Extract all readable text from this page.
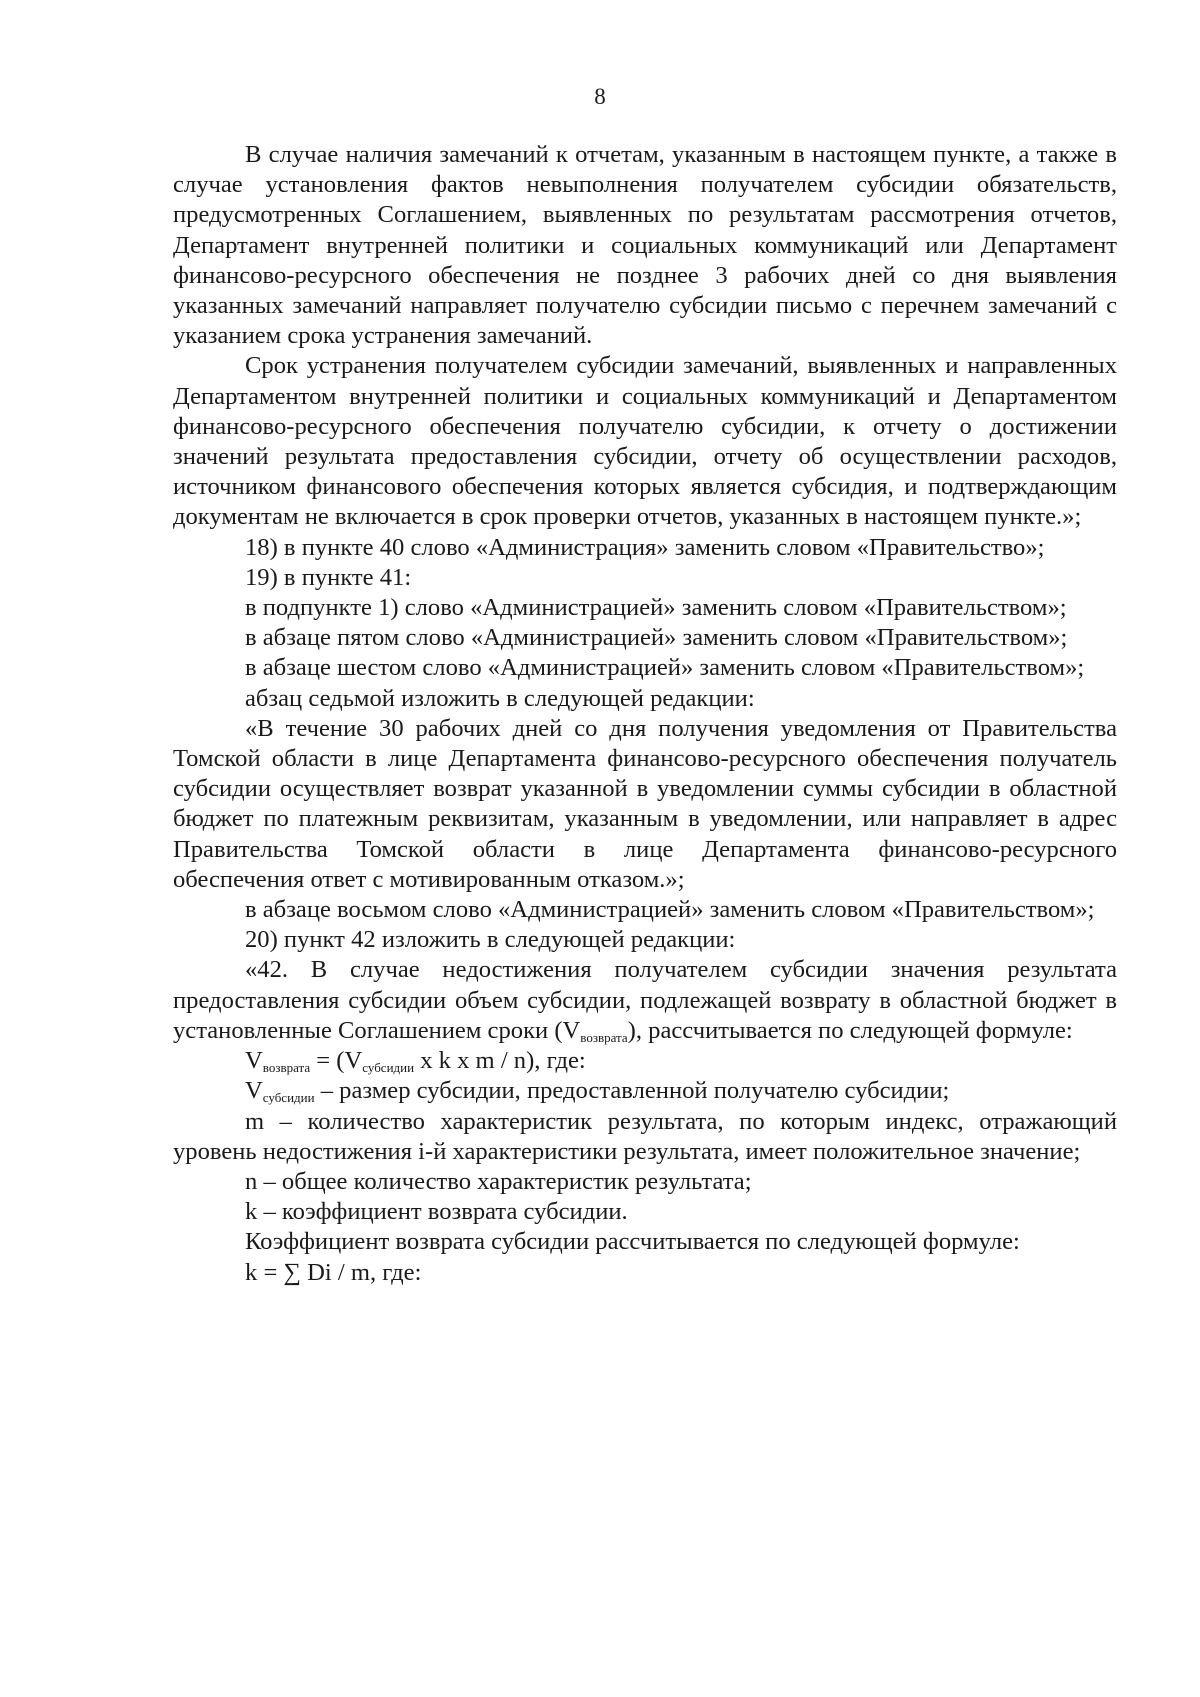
8

В случае наличия замечаний к отчетам, указанным в настоящем пункте, а также в случае установления фактов невыполнения получателем субсидии обязательств, предусмотренных Соглашением, выявленных по результатам рассмотрения отчетов, Департамент внутренней политики и социальных коммуникаций или Департамент финансово-ресурсного обеспечения не позднее 3 рабочих дней со дня выявления указанных замечаний направляет получателю субсидии письмо с перечнем замечаний с указанием срока устранения замечаний.

Срок устранения получателем субсидии замечаний, выявленных и направленных Департаментом внутренней политики и социальных коммуникаций и Департаментом финансово-ресурсного обеспечения получателю субсидии, к отчету о достижении значений результата предоставления субсидии, отчету об осуществлении расходов, источником финансового обеспечения которых является субсидия, и подтверждающим документам не включается в срок проверки отчетов, указанных в настоящем пункте.»;

18) в пункте 40 слово «Администрация» заменить словом «Правительство»;

19) в пункте 41:

в подпункте 1) слово «Администрацией» заменить словом «Правительством»;

в абзаце пятом слово «Администрацией» заменить словом «Правительством»;

в абзаце шестом слово «Администрацией» заменить словом «Правительством»;

абзац седьмой изложить в следующей редакции:

«В течение 30 рабочих дней со дня получения уведомления от Правительства Томской области в лице Департамента финансово-ресурсного обеспечения получатель субсидии осуществляет возврат указанной в уведомлении суммы субсидии в областной бюджет по платежным реквизитам, указанным в уведомлении, или направляет в адрес Правительства Томской области в лице Департамента финансово-ресурсного обеспечения ответ с мотивированным отказом.»;

в абзаце восьмом слово «Администрацией» заменить словом «Правительством»;

20) пункт 42 изложить в следующей редакции:

«42. В случае недостижения получателем субсидии значения результата предоставления субсидии объем субсидии, подлежащей возврату в областной бюджет в установленные Соглашением сроки $(V_{возврата})$, рассчитывается по следующей формуле:

$V_{возврата} = (V_{субсидии}$ x k x m / n), где:

$V_{субсидии}$ – размер субсидии, предоставленной получателю субсидии;

m – количество характеристик результата, по которым индекс, отражающий уровень недостижения i-й характеристики результата, имеет положительное значение;

n – общее количество характеристик результата;

k – коэффициент возврата субсидии.

Коэффициент возврата субсидии рассчитывается по следующей формуле:

k = ∑ Di / m, где:
